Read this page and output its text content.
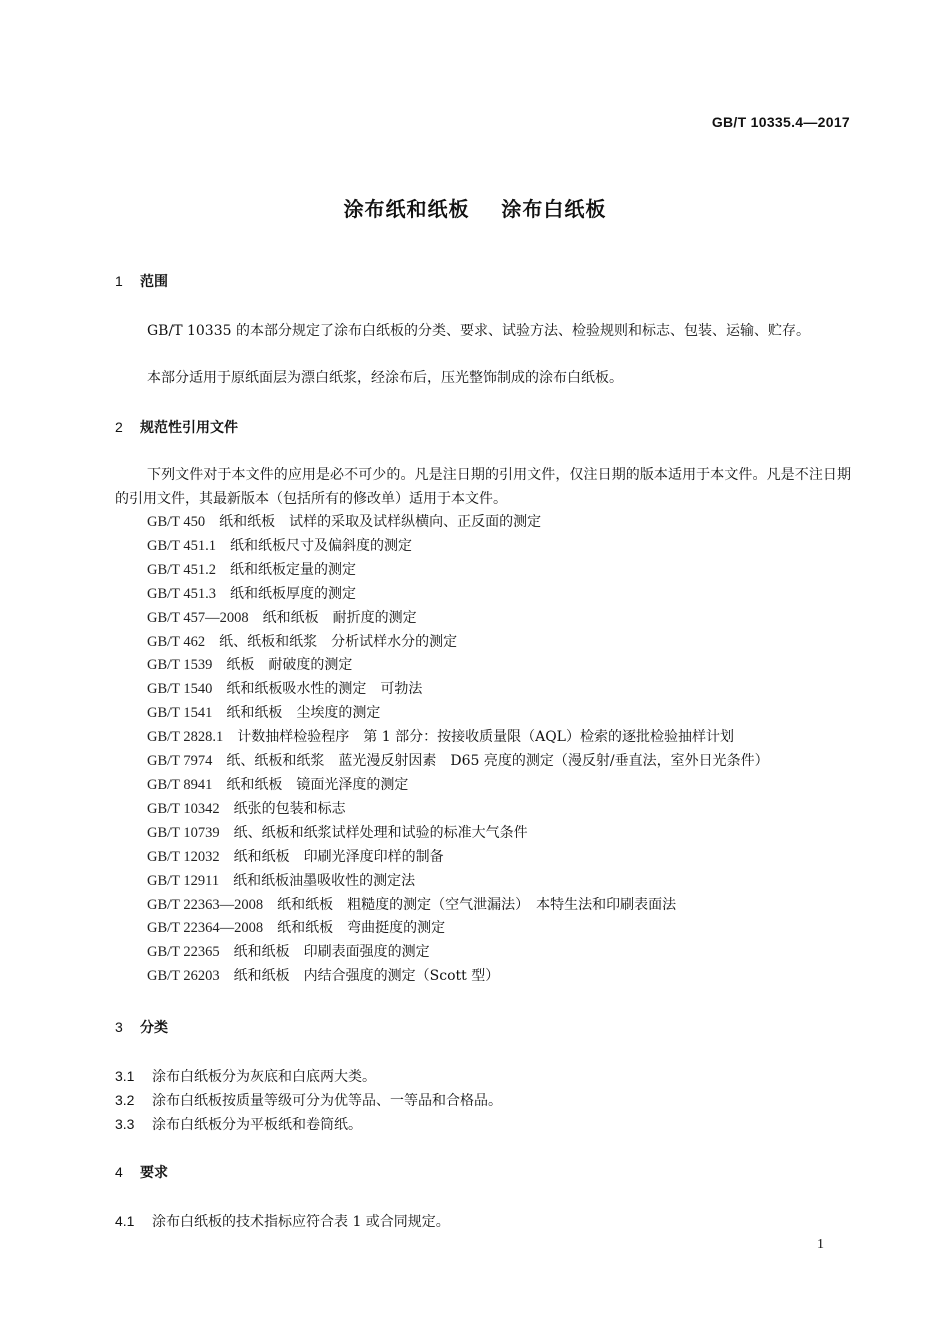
GB/T 10335.4—2017
涂布纸和纸板    涂布白纸板
1 范围
GB/T 10335 的本部分规定了涂布白纸板的分类、要求、试验方法、检验规则和标志、包装、运输、贮存。
本部分适用于原纸面层为漂白纸浆，经涂布后，压光整饰制成的涂布白纸板。
2 规范性引用文件
下列文件对于本文件的应用是必不可少的。凡是注日期的引用文件，仅注日期的版本适用于本文件。凡是不注日期的引用文件，其最新版本（包括所有的修改单）适用于本文件。
GB/T 450 纸和纸板　试样的采取及试样纵横向、正反面的测定
GB/T 451.1 纸和纸板尺寸及偏斜度的测定
GB/T 451.2 纸和纸板定量的测定
GB/T 451.3 纸和纸板厚度的测定
GB/T 457—2008 纸和纸板　耐折度的测定
GB/T 462 纸、纸板和纸浆　分析试样水分的测定
GB/T 1539 纸板　耐破度的测定
GB/T 1540 纸和纸板吸水性的测定　可勃法
GB/T 1541 纸和纸板　尘埃度的测定
GB/T 2828.1 计数抽样检验程序　第 1 部分：按接收质量限（AQL）检索的逐批检验抽样计划
GB/T 7974 纸、纸板和纸浆　蓝光漫反射因素　D65 亮度的测定（漫反射/垂直法，室外日光条件）
GB/T 8941 纸和纸板　镜面光泽度的测定
GB/T 10342 纸张的包装和标志
GB/T 10739 纸、纸板和纸浆试样处理和试验的标准大气条件
GB/T 12032 纸和纸板　印刷光泽度印样的制备
GB/T 12911 纸和纸板油墨吸收性的测定法
GB/T 22363—2008 纸和纸板　粗糙度的测定（空气泄漏法）　本特生法和印刷表面法
GB/T 22364—2008 纸和纸板　弯曲挺度的测定
GB/T 22365 纸和纸板　印刷表面强度的测定
GB/T 26203 纸和纸板　内结合强度的测定（Scott 型）
3 分类
3.1 涂布白纸板分为灰底和白底两大类。
3.2 涂布白纸板按质量等级可分为优等品、一等品和合格品。
3.3 涂布白纸板分为平板纸和卷筒纸。
4 要求
4.1 涂布白纸板的技术指标应符合表 1 或合同规定。
1
